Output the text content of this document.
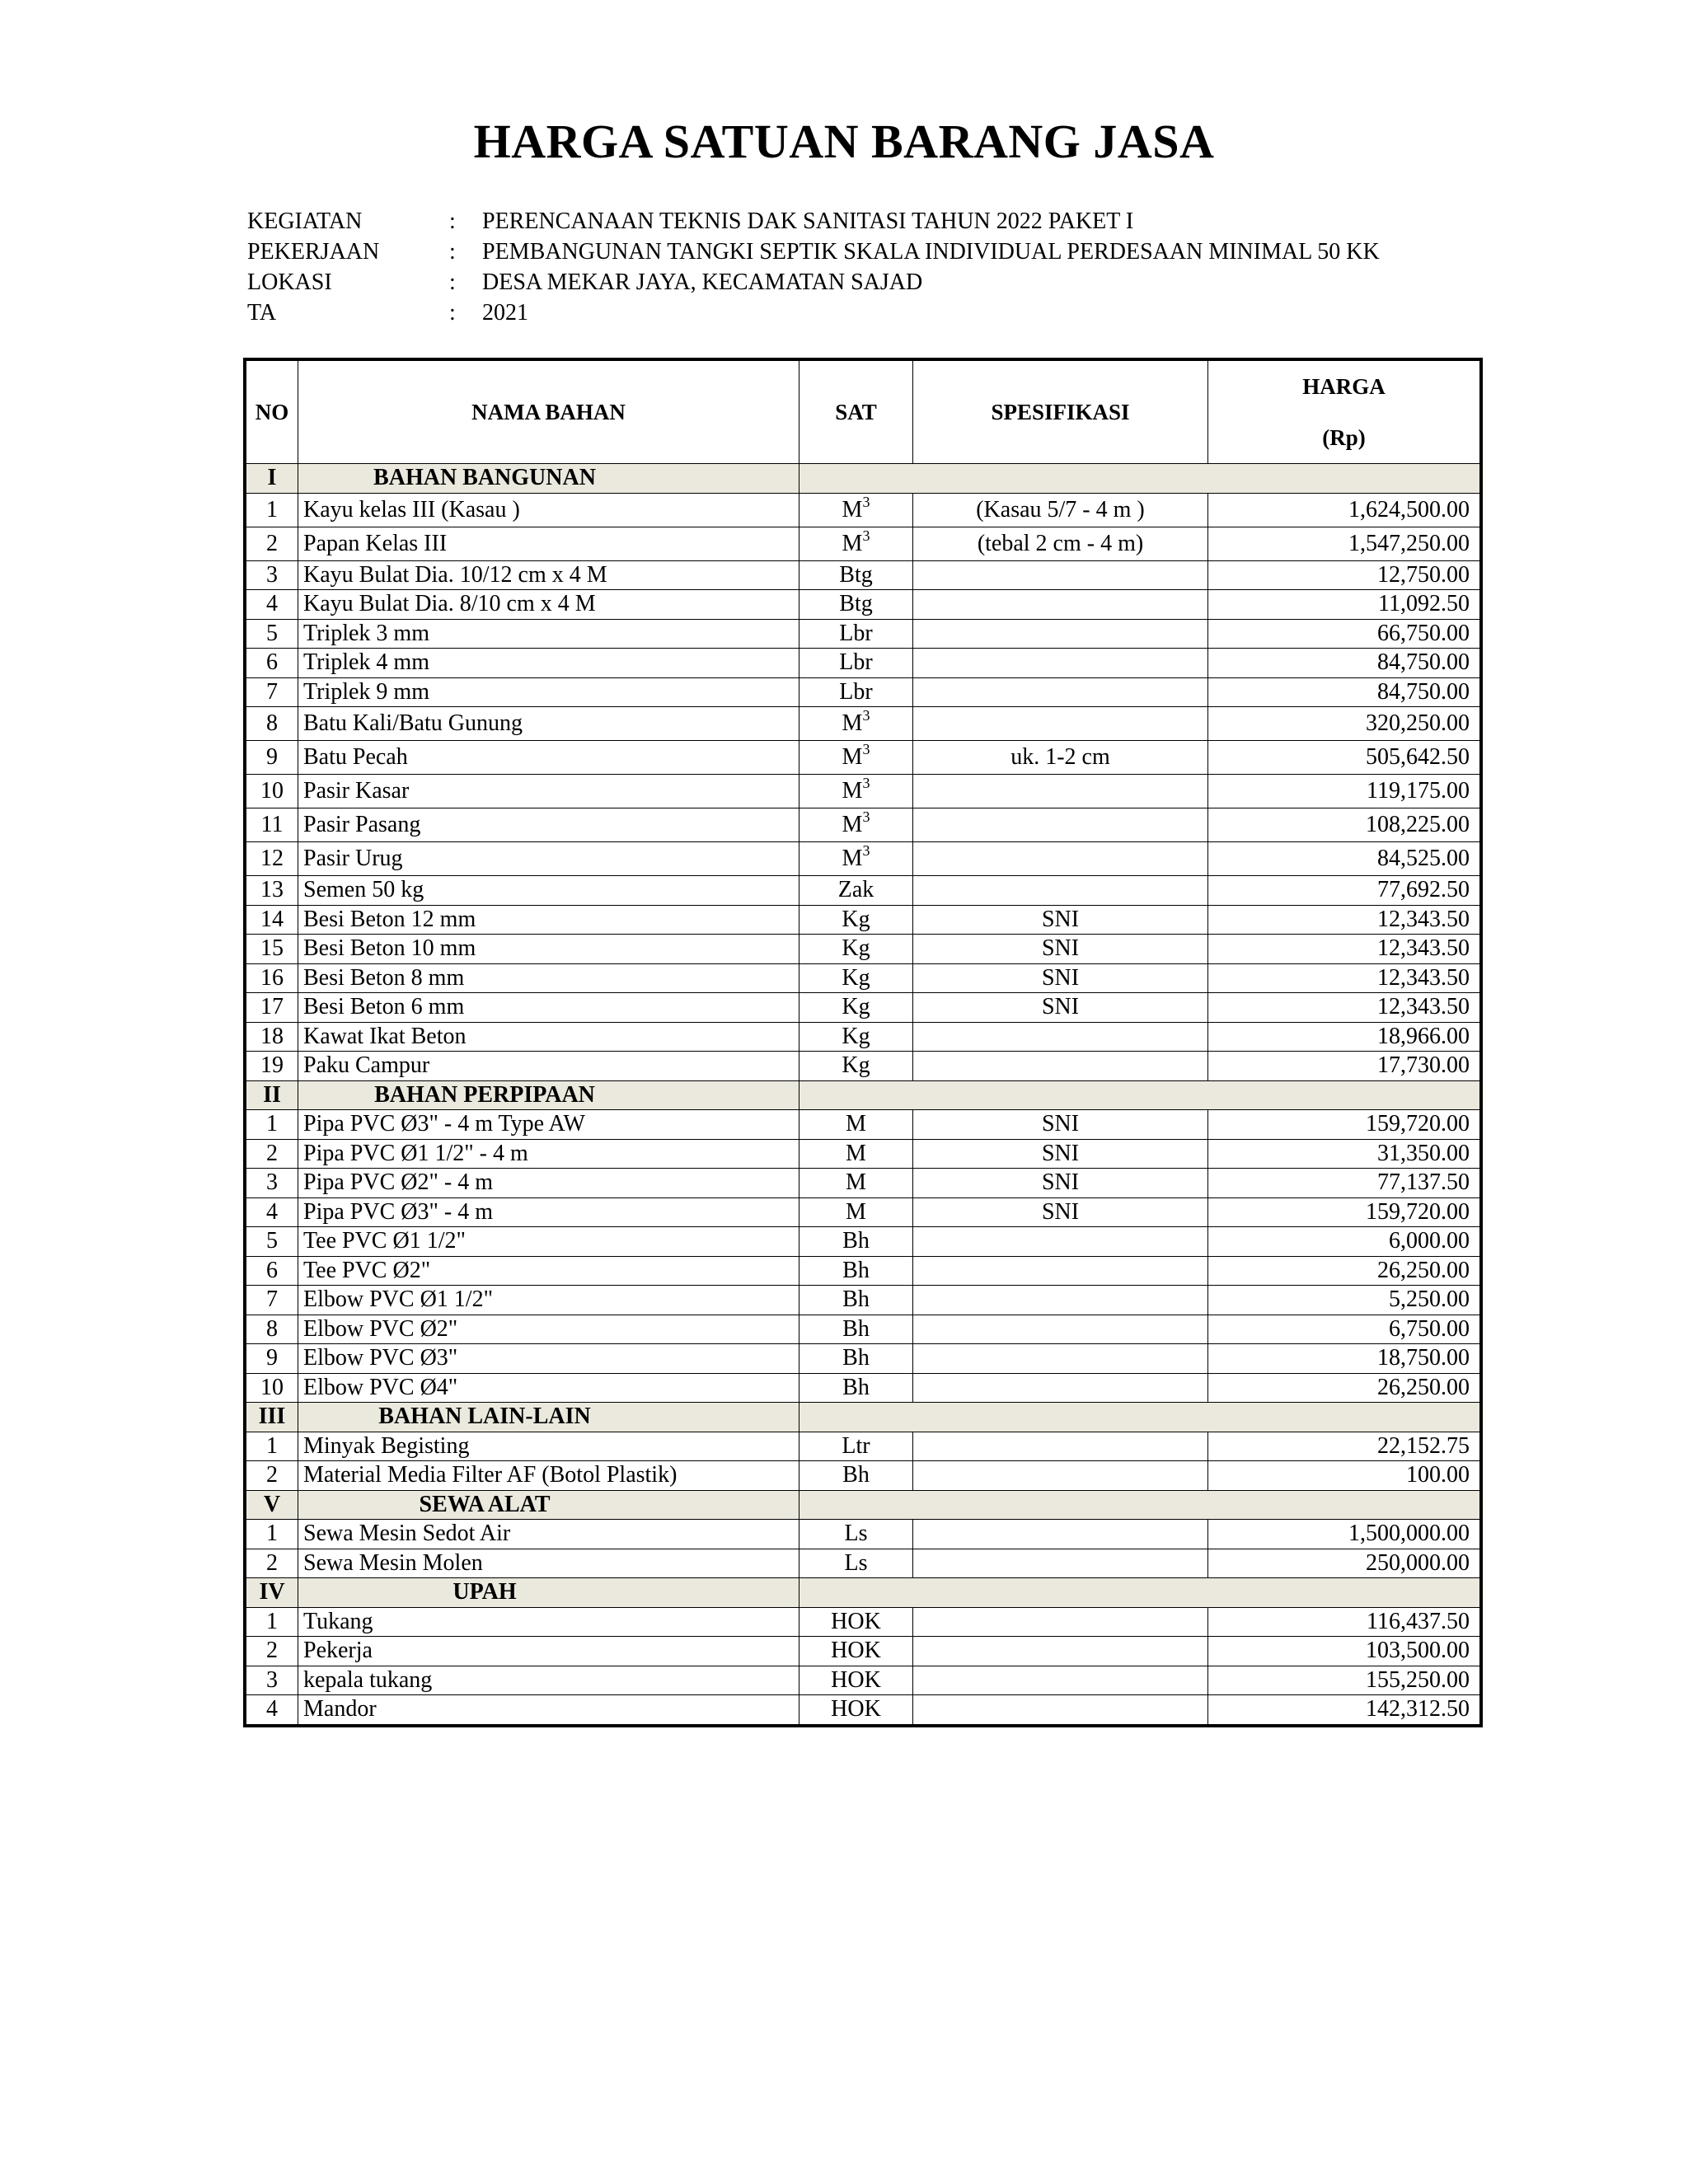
HARGA SATUAN BARANG JASA
KEGIATAN	: PERENCANAAN TEKNIS DAK SANITASI TAHUN 2022 PAKET I
PEKERJAAN	: PEMBANGUNAN TANGKI SEPTIK SKALA INDIVIDUAL PERDESAAN MINIMAL 50 KK
LOKASI	: DESA MEKAR JAYA, KECAMATAN SAJAD
TA	: 2021
NO	NAMA BAHAN	SAT	SPESIFIKASI	HARGA
(Rp)

I	BAHAN BANGUNAN			
1	Kayu kelas III (Kasau )	$M^3$	(Kasau 5/7 - 4 m )	1,624,500.00
2	Papan Kelas III	$M^3$	(tebal 2 cm - 4 m)	1,547,250.00
3	Kayu Bulat Dia. 10/12 cm x 4 M	Btg		12,750.00
4	Kayu Bulat Dia. 8/10 cm x 4 M	Btg		11,092.50
5	Triplek 3 mm	Lbr		66,750.00
6	Triplek 4 mm	Lbr		84,750.00
7	Triplek 9 mm	Lbr		84,750.00
8	Batu Kali/Batu Gunung	$M^3$		320,250.00
9	Batu Pecah	$M^3$	uk. 1-2 cm	505,642.50
10	Pasir Kasar	$M^3$		119,175.00
11	Pasir Pasang	$M^3$		108,225.00
12	Pasir Urug	$M^3$		84,525.00
13	Semen 50 kg	Zak		77,692.50
14	Besi Beton 12 mm	Kg	SNI	12,343.50
15	Besi Beton 10 mm	Kg	SNI	12,343.50
16	Besi Beton 8 mm	Kg	SNI	12,343.50
17	Besi Beton 6 mm	Kg	SNI	12,343.50
18	Kawat Ikat Beton	Kg		18,966.00
19	Paku Campur	Kg		17,730.00
II	BAHAN PERPIPAAN			
1	Pipa PVC Ø3" - 4 m Type AW	M	SNI	159,720.00
2	Pipa PVC Ø1 1/2" - 4 m	M	SNI	31,350.00
3	Pipa PVC Ø2" - 4 m	M	SNI	77,137.50
4	Pipa PVC Ø3" - 4 m	M	SNI	159,720.00
5	Tee PVC Ø1 1/2"	Bh		6,000.00
6	Tee PVC Ø2"	Bh		26,250.00
7	Elbow PVC Ø1 1/2"	Bh		5,250.00
8	Elbow PVC Ø2"	Bh		6,750.00
9	Elbow PVC Ø3"	Bh		18,750.00
10	Elbow PVC Ø4"	Bh		26,250.00
III	BAHAN LAIN-LAIN			
1	Minyak Begisting	Ltr		22,152.75
2	Material Media Filter AF (Botol Plastik)	Bh		100.00
V	SEWA ALAT			
1	Sewa Mesin Sedot Air	Ls		1,500,000.00
2	Sewa Mesin Molen	Ls		250,000.00
IV	UPAH			
1	Tukang	HOK		116,437.50
2	Pekerja	HOK		103,500.00
3	kepala tukang	HOK		155,250.00
4	Mandor	HOK		142,312.50
